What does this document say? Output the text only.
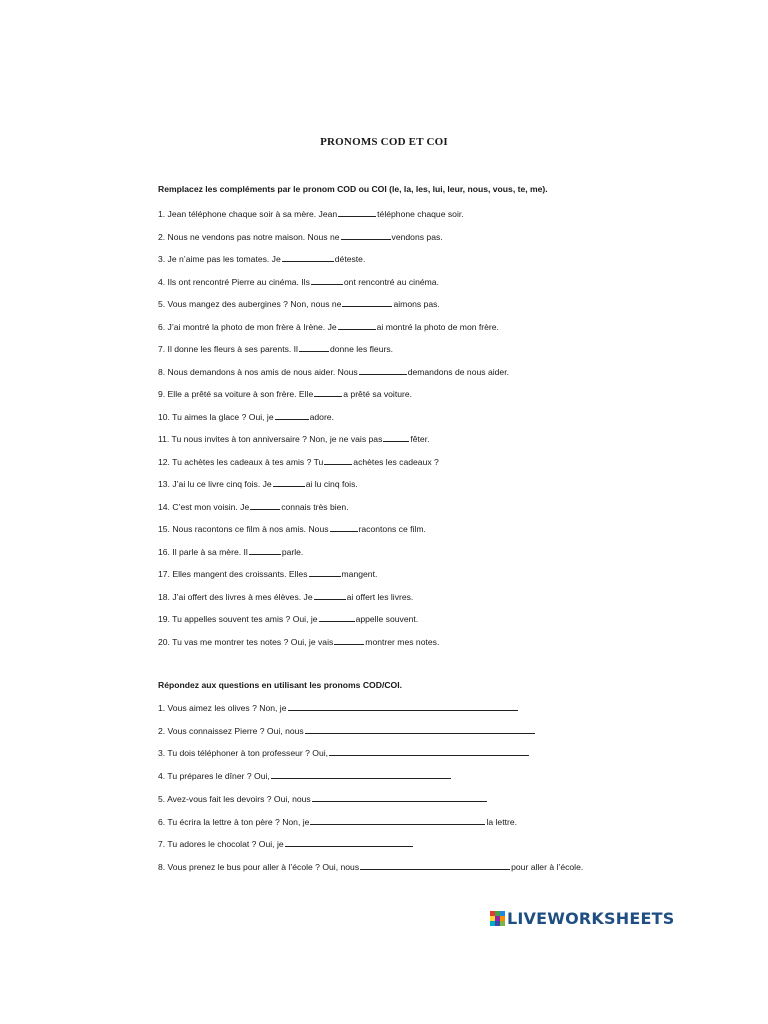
PRONOMS COD ET COI
Remplacez les compléments par le pronom COD ou COI (le, la, les, lui, leur, nous, vous, te, me).
1. Jean téléphone chaque soir à sa mère. Jean	téléphone chaque soir.
2. Nous ne vendons pas notre maison. Nous ne	vendons pas.
3. Je n’aime pas les tomates. Je	déteste.
4. Ils ont rencontré Pierre au cinéma. Ils	ont rencontré au cinéma.
5. Vous mangez des aubergines ? Non, nous ne	aimons pas.
6. J’ai montré la photo de mon frère à Irène. Je	ai montré la photo de mon frère.
7. Il donne les fleurs à ses parents. Il	donne les fleurs.
8. Nous demandons à nos amis de nous aider. Nous	demandons de nous aider.
9. Elle a prêté sa voiture à son frère. Elle	a prêté sa voiture.
10. Tu aimes la glace ? Oui, je	adore.
11. Tu nous invites à ton anniversaire ? Non, je ne vais pas	fêter.
12. Tu achètes les cadeaux à tes amis ? Tu	achètes les cadeaux ?
13. J’ai lu ce livre cinq fois. Je	ai lu cinq fois.
14. C’est mon voisin. Je	connais très bien.
15. Nous racontons ce film à nos amis. Nous	racontons ce film.
16. Il parle à sa mère. Il	parle.
17. Elles mangent des croissants. Elles	mangent.
18. J’ai offert des livres à mes élèves. Je	ai offert les livres.
19. Tu appelles souvent tes amis ? Oui, je	appelle souvent.
20. Tu vas me montrer tes notes ? Oui, je vais	montrer mes notes.
Répondez aux questions en utilisant les pronoms COD/COI.
1. Vous aimez les olives ? Non, je
2. Vous connaissez Pierre ? Oui, nous
3. Tu dois téléphoner à ton professeur ? Oui,
4. Tu prépares le dîner ? Oui,
5. Avez-vous fait les devoirs ? Oui, nous
6. Tu écrira la lettre à ton père ? Non, je	la lettre.
7. Tu adores le chocolat ? Oui, je
8. Vous prenez le bus pour aller à l’école ? Oui, nous	pour aller à l’école.
LIVEWORKSHEETS
